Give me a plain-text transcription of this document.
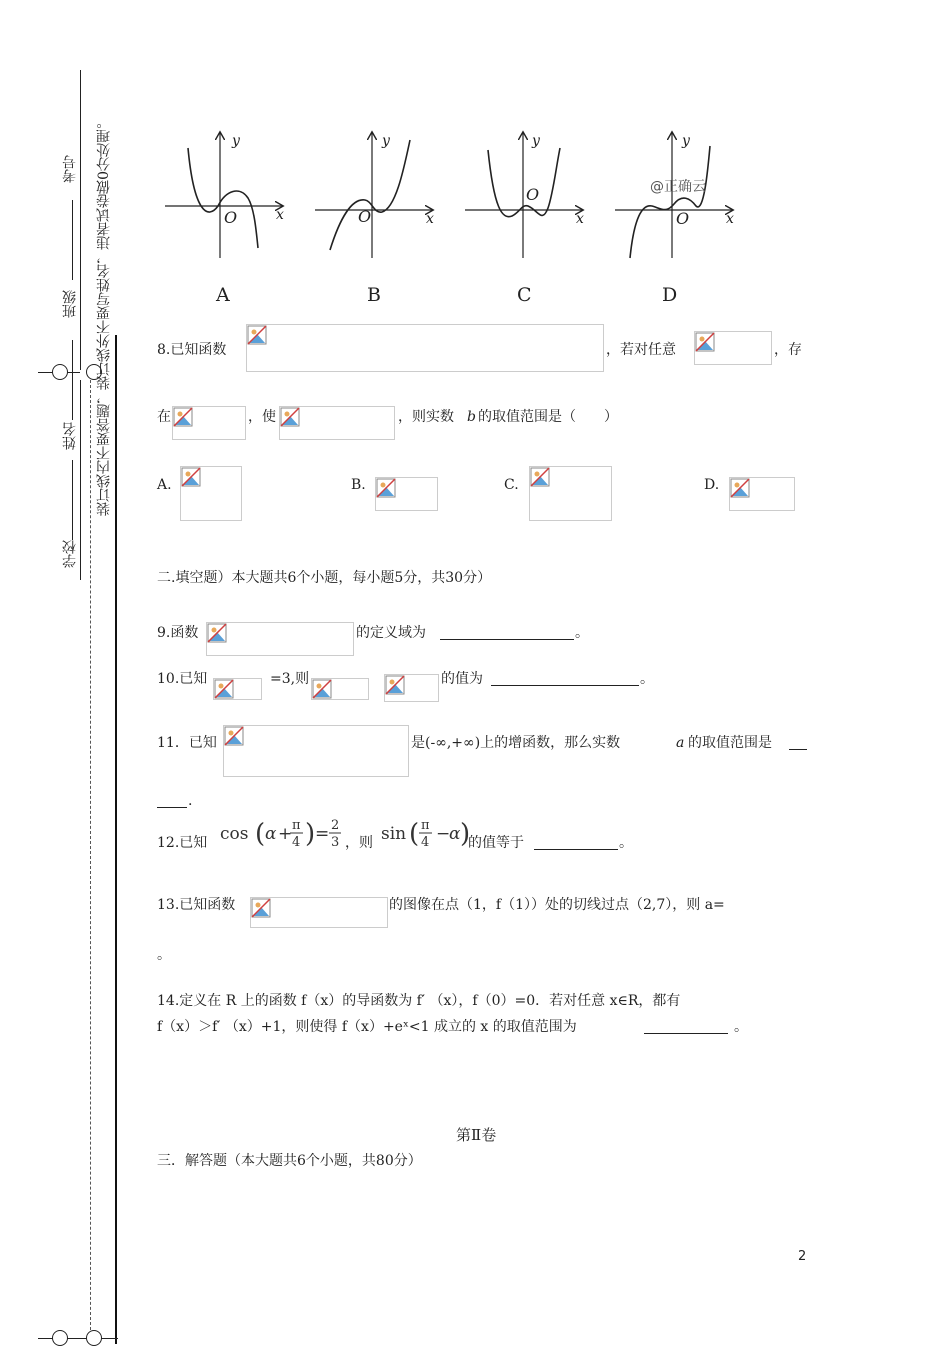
考号
班级
姓名
学校
装订线内不要答题，装订线外不要写姓名，违者试卷做0分处理。	y
x
O
y
x
O
y
x
O
y
x
O
@正确云
A	B	C	D
8.已知函数	，若对任意	，存
在	，使	，则实数 b 的取值范围是（　　）
A.	B.	C.	D.
二.填空题）本大题共6个小题，每小题5分，共30分）
9.函数	的定义域为	。
10.已知	=3,则	的值为	。
11．已知	是(-∞,+∞)上的增函数，那么实数	a 的取值范围是
.
12.已知 cos ( α + π
4 ) = 2
3 ，则 sin ( π
4 −
α )
的值等于	。
13.已知函数	的图像在点（1，f（1））处的切线过点（2,7），则 a=
。
14.定义在 R 上的函数 f（x）的导函数为 f′ （x），f（0）=0．若对任意 x∈R，都有
f（x）＞f′ （x）+1，则使得 f（x）+eˣ<1 成立的 x 的取值范围为	。
第Ⅱ卷
三．解答题（本大题共6个小题，共80分）
2
